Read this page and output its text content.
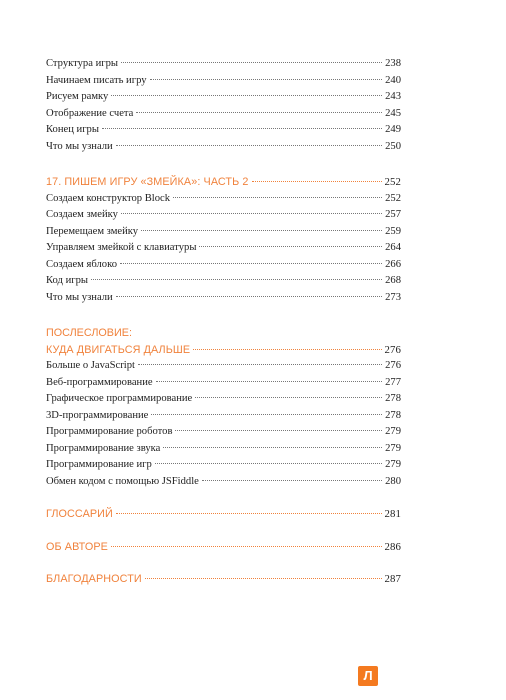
Структура игры	238
Начинаем писать игру	240
Рисуем рамку	243
Отображение счета	245
Конец игры	249
Что мы узнали	250
17. ПИШЕМ ИГРУ «ЗМЕЙКА»: ЧАСТЬ 2	252
Создаем конструктор Block	252
Создаем змейку	257
Перемещаем змейку	259
Управляем змейкой с клавиатуры	264
Создаем яблоко	266
Код игры	268
Что мы узнали	273
ПОСЛЕСЛОВИЕ:
КУДА ДВИГАТЬСЯ ДАЛЬШЕ	276
Больше о JavaScript	276
Веб-программирование	277
Графическое программирование	278
3D-программирование	278
Программирование роботов	279
Программирование звука	279
Программирование игр	279
Обмен кодом с помощью JSFiddle	280
ГЛОССАРИЙ	281
ОБ АВТОРЕ	286
БЛАГОДАРНОСТИ	287
Л
